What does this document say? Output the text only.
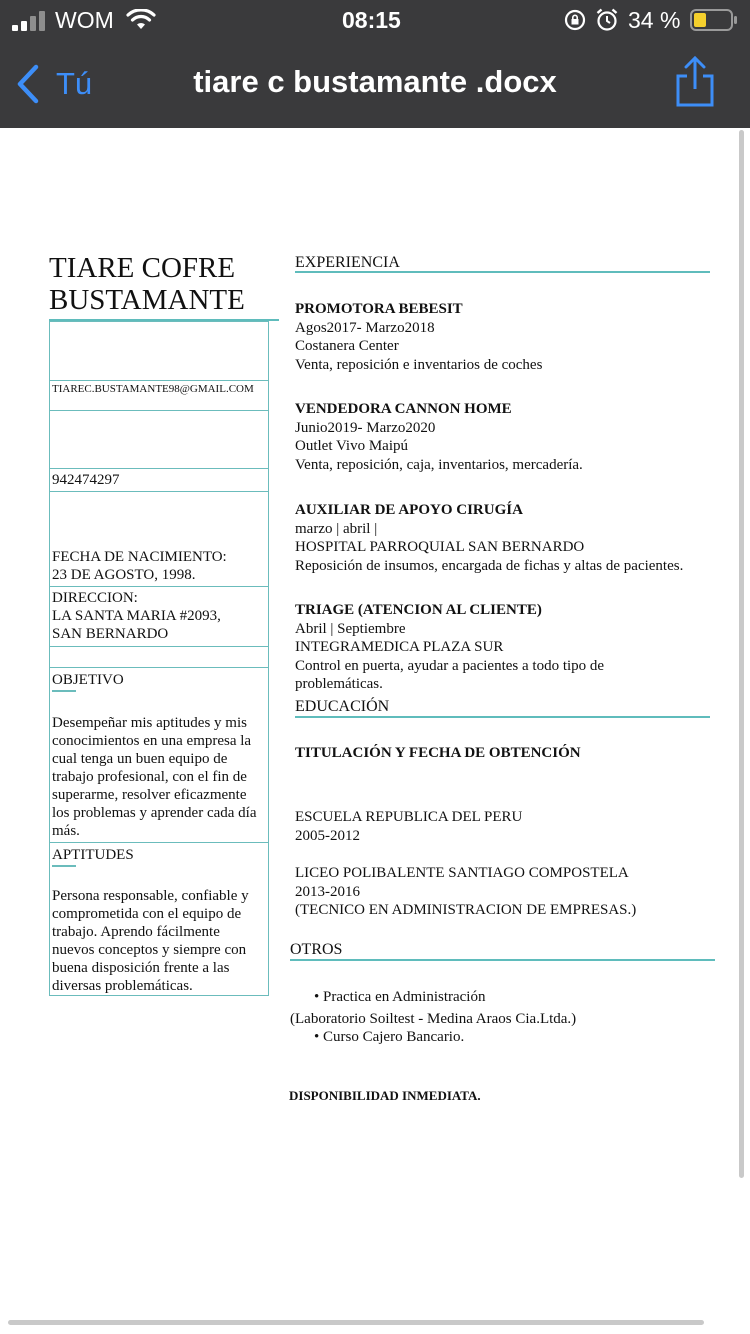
WOM	08:15	34 %
Tú	tiare c bustamante .docx
TIARE COFRE
BUSTAMANTE
TIAREC.BUSTAMANTE98@GMAIL.COM
942474297
FECHA DE NACIMIENTO:
23 DE AGOSTO, 1998.
DIRECCION:
LA SANTA MARIA #2093,
SAN BERNARDO
OBJETIVO
Desempeñar mis aptitudes y mis conocimientos en una empresa la cual tenga un buen equipo de trabajo profesional, con el fin de superarme, resolver eficazmente los problemas y aprender cada día más.
APTITUDES
Persona responsable, confiable y comprometida con el equipo de trabajo. Aprendo fácilmente nuevos conceptos y siempre con buena disposición frente a las diversas problemáticas.
EXPERIENCIA
PROMOTORA BEBESIT
Agos2017- Marzo2018
Costanera Center
Venta, reposición e inventarios de coches
VENDEDORA CANNON HOME
Junio2019- Marzo2020
Outlet Vivo Maipú
Venta, reposición, caja, inventarios, mercadería.
AUXILIAR DE APOYO CIRUGÍA
marzo | abril |
HOSPITAL PARROQUIAL SAN BERNARDO
Reposición de insumos, encargada de fichas y altas de pacientes.
TRIAGE (ATENCION AL CLIENTE)
Abril | Septiembre
INTEGRAMEDICA PLAZA SUR
Control en puerta, ayudar a pacientes a todo tipo de problemáticas.
EDUCACIÓN
TITULACIÓN Y FECHA DE OBTENCIÓN
ESCUELA REPUBLICA DEL PERU
2005-2012
LICEO POLIBALENTE SANTIAGO COMPOSTELA
2013-2016
(TECNICO EN ADMINISTRACION DE EMPRESAS.)
OTROS
• Practica en Administración
(Laboratorio Soiltest - Medina Araos Cia.Ltda.)
• Curso Cajero Bancario.
DISPONIBILIDAD INMEDIATA.
